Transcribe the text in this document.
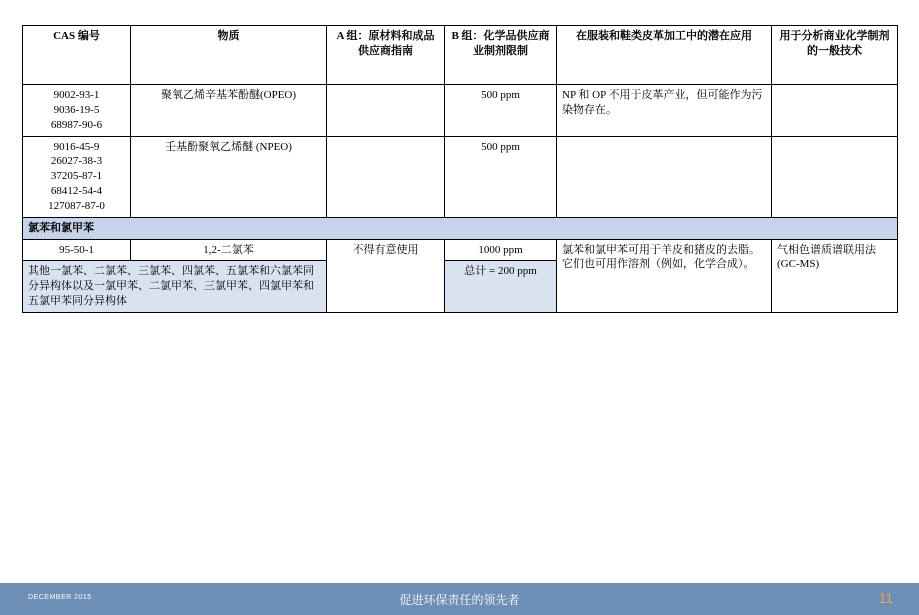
CAS 编号	物质	A 组：原材料和成品供应商指南	B 组：化学品供应商业制剂限制	在服装和鞋类皮革加工中的潜在应用	用于分析商业化学制剂的一般技术
9002-93-1
9036-19-5
68987-90-6	聚氧乙烯辛基苯酚醚(OPEO)		500 ppm	NP 和 OP 不用于皮革产业，但可能作为污染物存在。	
9016-45-9
26027-38-3
37205-87-1
68412-54-4
127087-87-0	壬基酚聚氧乙烯醚 (NPEO)		500 ppm		
氯苯和氯甲苯					
95-50-1	1,2-二氯苯	不得有意使用	1000 ppm	氯苯和氯甲苯可用于羊皮和猪皮的去脂。它们也可用作溶剂（例如，化学合成）。	气相色谱质谱联用法 (GC-MS)
其他一氯苯、二氯苯、三氯苯、四氯苯、五氯苯和六氯苯同分异构体以及一氯甲苯、二氯甲苯、三氯甲苯、四氯甲苯和五氯甲苯同分异构体			总计 = 200 ppm		
DECEMBER 2015	促进环保责任的领先者	11
